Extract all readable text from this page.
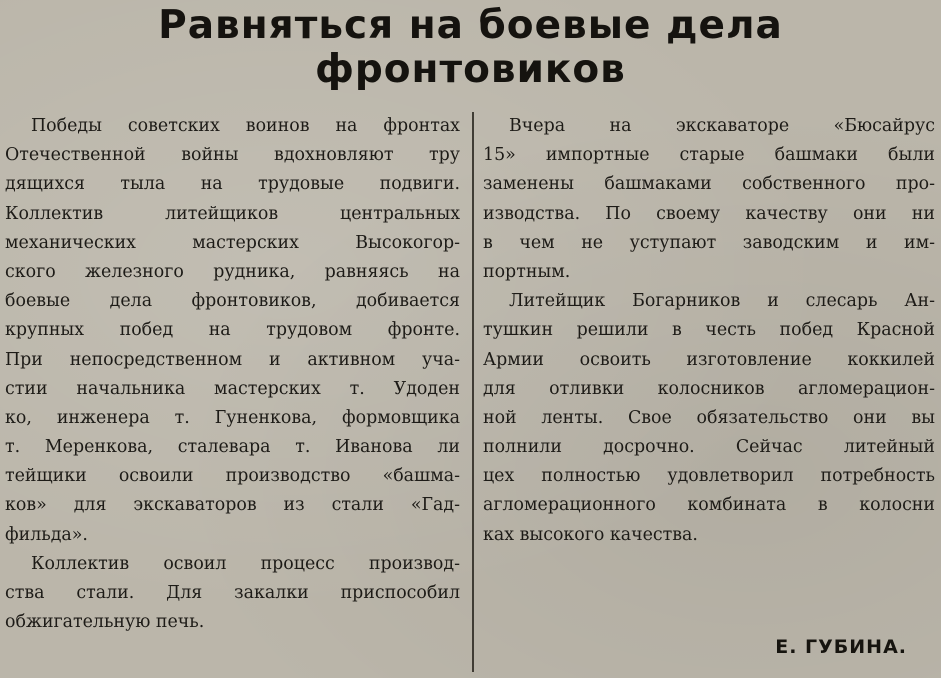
Равняться на боевые дела
фронтовиков
Победы советских воинов на фронтах
Отечественной войны вдохновляют тру
дящихся тыла на трудовые подвиги.
Коллектив литейщиков центральных
механических мастерских Высокогор-
ского железного рудника, равняясь на
боевые дела фронтовиков, добивается
крупных побед на трудовом фронте.
При непосредственном и активном уча-
стии начальника мастерских т. Удоден
ко, инженера т. Гуненкова, формовщика
т. Меренкова, сталевара т. Иванова ли
тейщики освоили производство «башма-
ков» для экскаваторов из стали «Гад-
фильда».
Коллектив освоил процесс производ-
ства стали. Для закалки приспособил
обжигательную печь.
Вчера на экскаваторе «Бюсайрус
15» импортные старые башмаки были
заменены башмаками собственного про-
изводства. По своему качеству они ни
в чем не уступают заводским и им-
портным.
Литейщик Богарников и слесарь Ан-
тушкин решили в честь побед Красной
Армии освоить изготовление коккилей
для отливки колосников агломерацион-
ной ленты. Свое обязательство они вы
полнили досрочно. Сейчас литейный
цех полностью удовлетворил потребность
агломерационного комбината в колосни
ках высокого качества.
Е. ГУБИНА.
